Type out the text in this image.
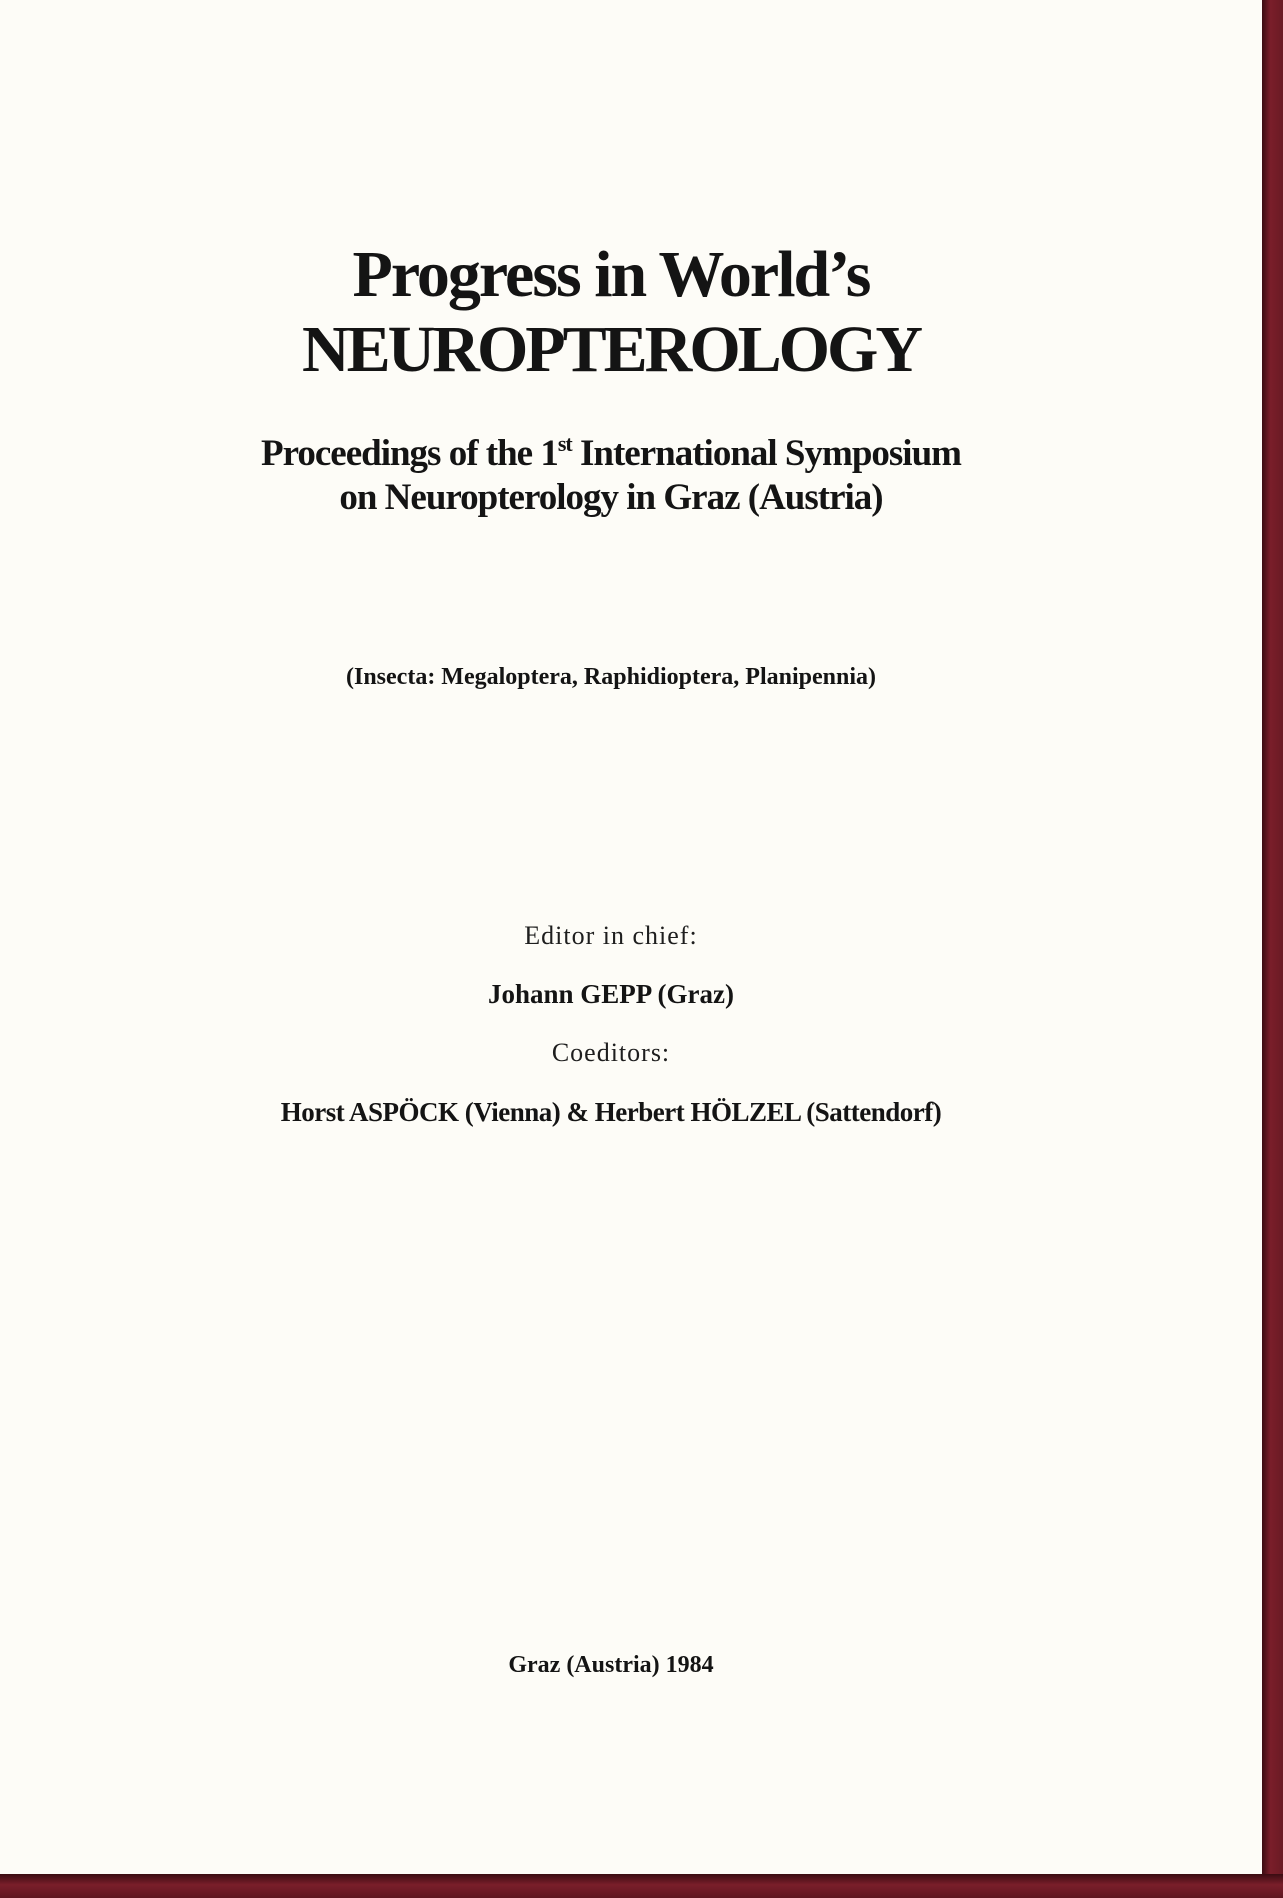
Progress in World’s
NEUROPTEROLOGY
Proceedings of the 1st International Symposium
on Neuropterology in Graz (Austria)
(Insecta: Megaloptera, Raphidioptera, Planipennia)
Editor in chief:
Johann GEPP (Graz)
Coeditors:
Horst ASPÖCK (Vienna) & Herbert HÖLZEL (Sattendorf)
Graz (Austria) 1984
